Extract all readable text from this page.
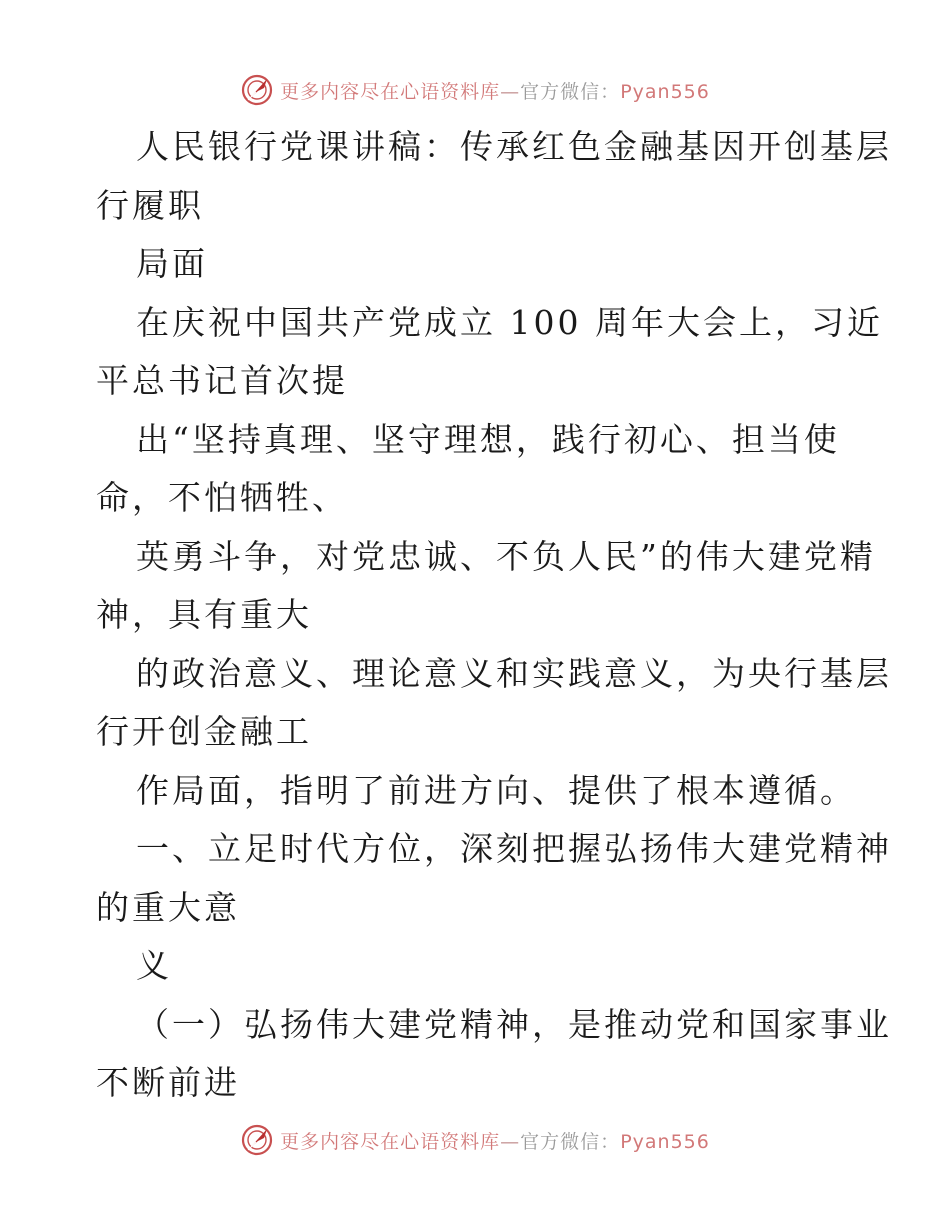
更多内容尽在心语资料库—官方微信：Pyan556
人民银行党课讲稿：传承红色金融基因开创基层
行履职
局面
在庆祝中国共产党成立 100 周年大会上，习近
平总书记首次提
出“坚持真理、坚守理想，践行初心、担当使
命，不怕牺牲、
英勇斗争，对党忠诚、不负人民”的伟大建党精
神，具有重大
的政治意义、理论意义和实践意义，为央行基层
行开创金融工
作局面，指明了前进方向、提供了根本遵循。
一、立足时代方位，深刻把握弘扬伟大建党精神
的重大意
义
（一）弘扬伟大建党精神，是推动党和国家事业
不断前进
更多内容尽在心语资料库—官方微信：Pyan556
